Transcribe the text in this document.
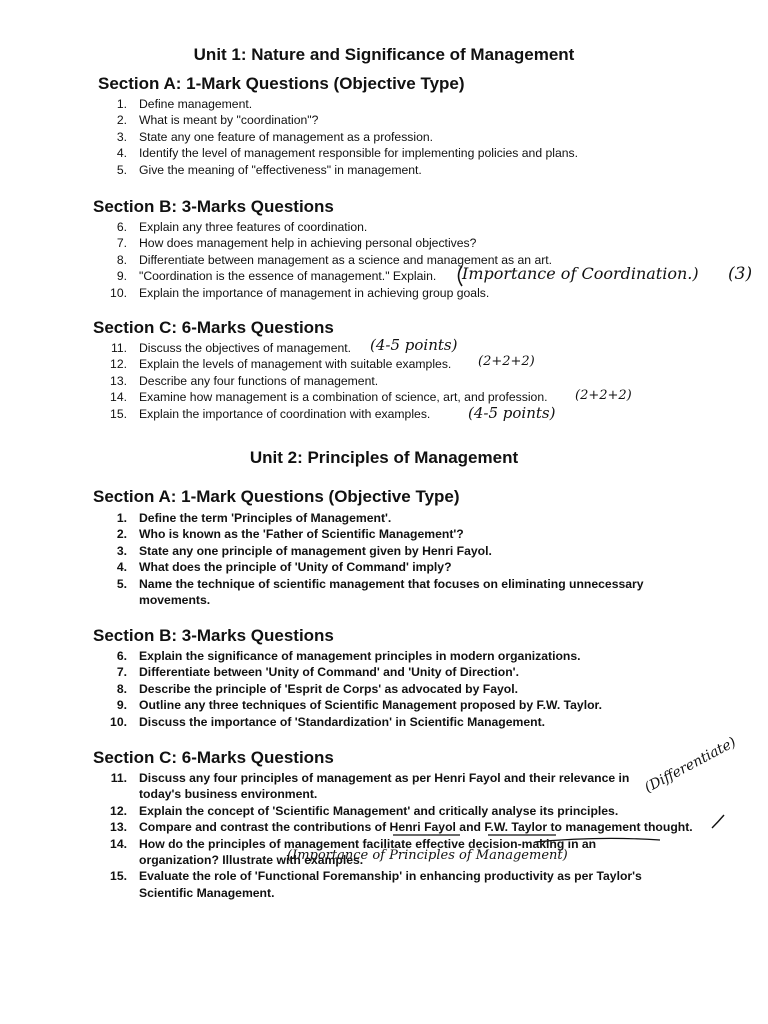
Unit 1: Nature and Significance of Management
Section A: 1-Mark Questions (Objective Type)
1. Define management.
2. What is meant by "coordination"?
3. State any one feature of management as a profession.
4. Identify the level of management responsible for implementing policies and plans.
5. Give the meaning of "effectiveness" in management.
Section B: 3-Marks Questions
6. Explain any three features of coordination.
7. How does management help in achieving personal objectives?
8. Differentiate between management as a science and management as an art.
9. "Coordination is the essence of management." Explain.
10. Explain the importance of management in achieving group goals.
Section C: 6-Marks Questions
11. Discuss the objectives of management.
12. Explain the levels of management with suitable examples.
13. Describe any four functions of management.
14. Examine how management is a combination of science, art, and profession.
15. Explain the importance of coordination with examples.
Unit 2: Principles of Management
Section A: 1-Mark Questions (Objective Type)
1. Define the term 'Principles of Management'.
2. Who is known as the 'Father of Scientific Management'?
3. State any one principle of management given by Henri Fayol.
4. What does the principle of 'Unity of Command' imply?
5. Name the technique of scientific management that focuses on eliminating unnecessary movements.
Section B: 3-Marks Questions
6. Explain the significance of management principles in modern organizations.
7. Differentiate between 'Unity of Command' and 'Unity of Direction'.
8. Describe the principle of 'Esprit de Corps' as advocated by Fayol.
9. Outline any three techniques of Scientific Management proposed by F.W. Taylor.
10. Discuss the importance of 'Standardization' in Scientific Management.
Section C: 6-Marks Questions
11. Discuss any four principles of management as per Henri Fayol and their relevance in today's business environment.
12. Explain the concept of 'Scientific Management' and critically analyse its principles.
13. Compare and contrast the contributions of Henri Fayol and F.W. Taylor to management thought.
14. How do the principles of management facilitate effective decision-making in an organization? Illustrate with examples.
15. Evaluate the role of 'Functional Foremanship' in enhancing productivity as per Taylor's Scientific Management.
Importance of Coordination.) (3)
(4-5 points)
(2+2+2)
(2+2+2)
(4-5 points)
(Differentiate)
(Importance of Principles of Management)
